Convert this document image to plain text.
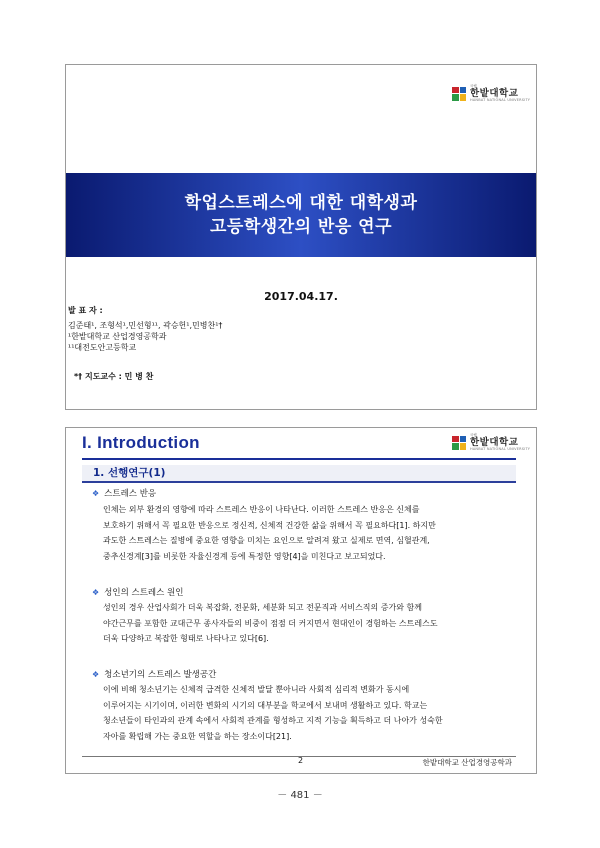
국립
한밭대학교
HANBAT NATIONAL UNIVERSITY
학업스트레스에 대한 대학생과
고등학생간의 반응 연구
2017.04.17.
발 표 자 :
김준태¹, 조형석¹,민선형¹¹, 곽승헌¹,민병찬¹†
¹한밭대학교 산업경영공학과
¹¹대전도안고등학교
*† 지도교수 : 민 병 찬
I. Introduction	국립
한밭대학교
HANBAT NATIONAL UNIVERSITY
1. 선행연구(1)
❖ 스트레스 반응
인체는 외부 환경의 영향에 따라 스트레스 반응이 나타난다. 이러한 스트레스 반응은 신체를
보호하기 위해서 꼭 필요한 반응으로 정신적, 신체적 건강한 삶을 위해서 꼭 필요하다[1]. 하지만
과도한 스트레스는 질병에 중요한 영향을 미치는 요인으로 알려져 왔고 실제로 면역, 심혈관계,
중추신경계[3]를 비롯한 자율신경계 등에 특정한 영향[4]을 미친다고 보고되었다.
❖ 성인의 스트레스 원인
성인의 경우 산업사회가 더욱 복잡화, 전문화, 세분화 되고 전문직과 서비스직의 증가와 함께
야간근무를 포함한 교대근무 종사자들의 비중이 점점 더 커지면서 현대인이 경험하는 스트레스도
더욱 다양하고 복잡한 형태로 나타나고 있다[6].
❖ 청소년기의 스트레스 발생공간
이에 비해 청소년기는 신체적 급격한 신체적 발달 뿐아니라 사회적 심리적 변화가 동시에
이루어지는 시기이며, 이러한 변화의 시기의 대부분을 학교에서 보내며 생활하고 있다. 학교는
청소년들이 타인과의 관계 속에서 사회적 관계를 형성하고 지적 기능을 획득하고 더 나아가 성숙한
자아를 확립해 가는 중요한 역할을 하는 장소이다[21].
2	한밭대학교 산업경영공학과
－ 481 －
